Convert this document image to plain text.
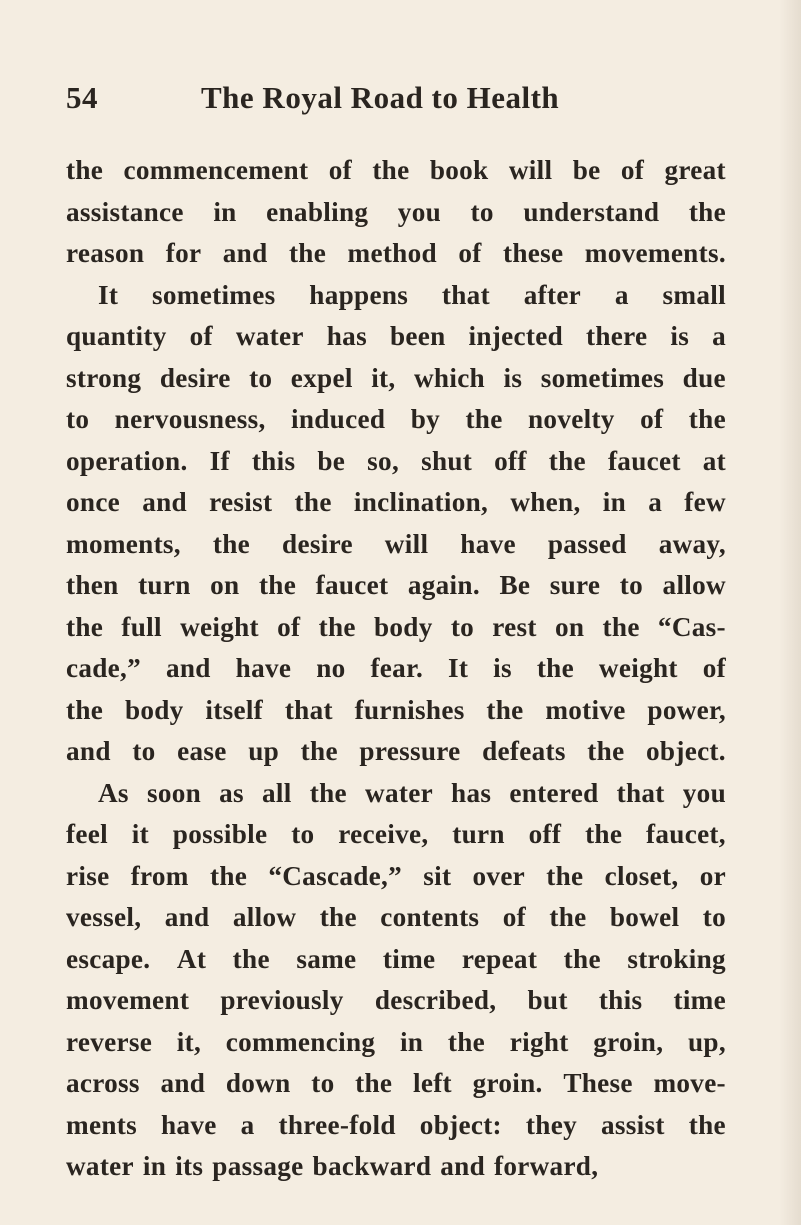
54	The Royal Road to Health
the commencement of the book will be of great
assistance in enabling you to understand the
reason for and the method of these movements.
It sometimes happens that after a small
quantity of water has been injected there is a
strong desire to expel it, which is sometimes due
to nervousness, induced by the novelty of the
operation. If this be so, shut off the faucet at
once and resist the inclination, when, in a few
moments, the desire will have passed away,
then turn on the faucet again. Be sure to allow
the full weight of the body to rest on the “Cas-
cade,” and have no fear. It is the weight of
the body itself that furnishes the motive power,
and to ease up the pressure defeats the object.
As soon as all the water has entered that you
feel it possible to receive, turn off the faucet,
rise from the “Cascade,” sit over the closet, or
vessel, and allow the contents of the bowel to
escape. At the same time repeat the stroking
movement previously described, but this time
reverse it, commencing in the right groin, up,
across and down to the left groin. These move-
ments have a three-fold object: they assist the
water in its passage backward and forward,
